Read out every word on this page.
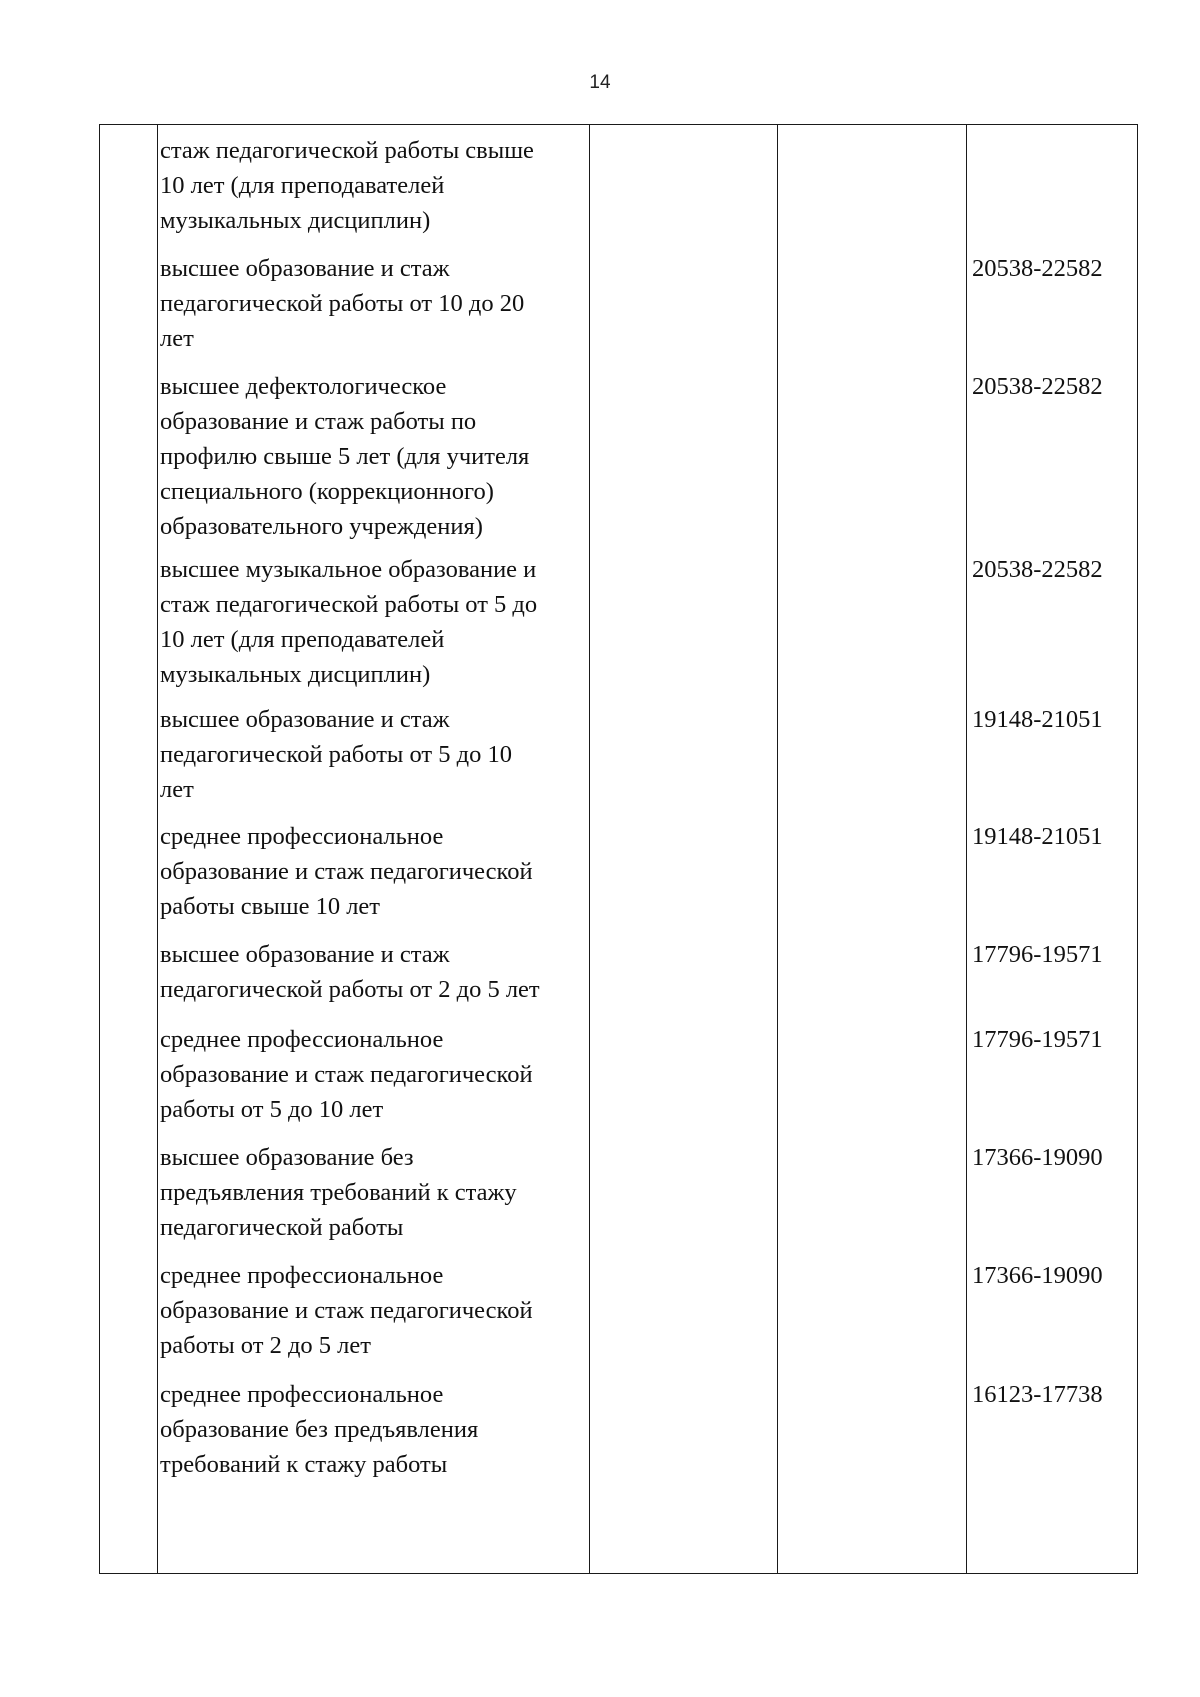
14
стаж педагогической работы свыше
10 лет (для преподавателей
музыкальных дисциплин)
высшее образование и стаж
педагогической работы от 10 до 20
лет
20538-22582
высшее дефектологическое
образование и стаж работы по
профилю свыше 5 лет (для учителя
специального (коррекционного)
образовательного учреждения)
20538-22582
высшее музыкальное образование и
стаж педагогической работы от 5 до
10 лет (для преподавателей
музыкальных дисциплин)
20538-22582
высшее образование и стаж
педагогической работы от 5 до 10
лет
19148-21051
среднее профессиональное
образование и стаж педагогической
работы свыше 10 лет
19148-21051
высшее образование и стаж
педагогической работы от 2 до 5 лет
17796-19571
среднее профессиональное
образование и стаж педагогической
работы от 5 до 10 лет
17796-19571
высшее образование без
предъявления требований к стажу
педагогической работы
17366-19090
среднее профессиональное
образование и стаж педагогической
работы от 2 до 5 лет
17366-19090
среднее профессиональное
образование без предъявления
требований к стажу работы
16123-17738
